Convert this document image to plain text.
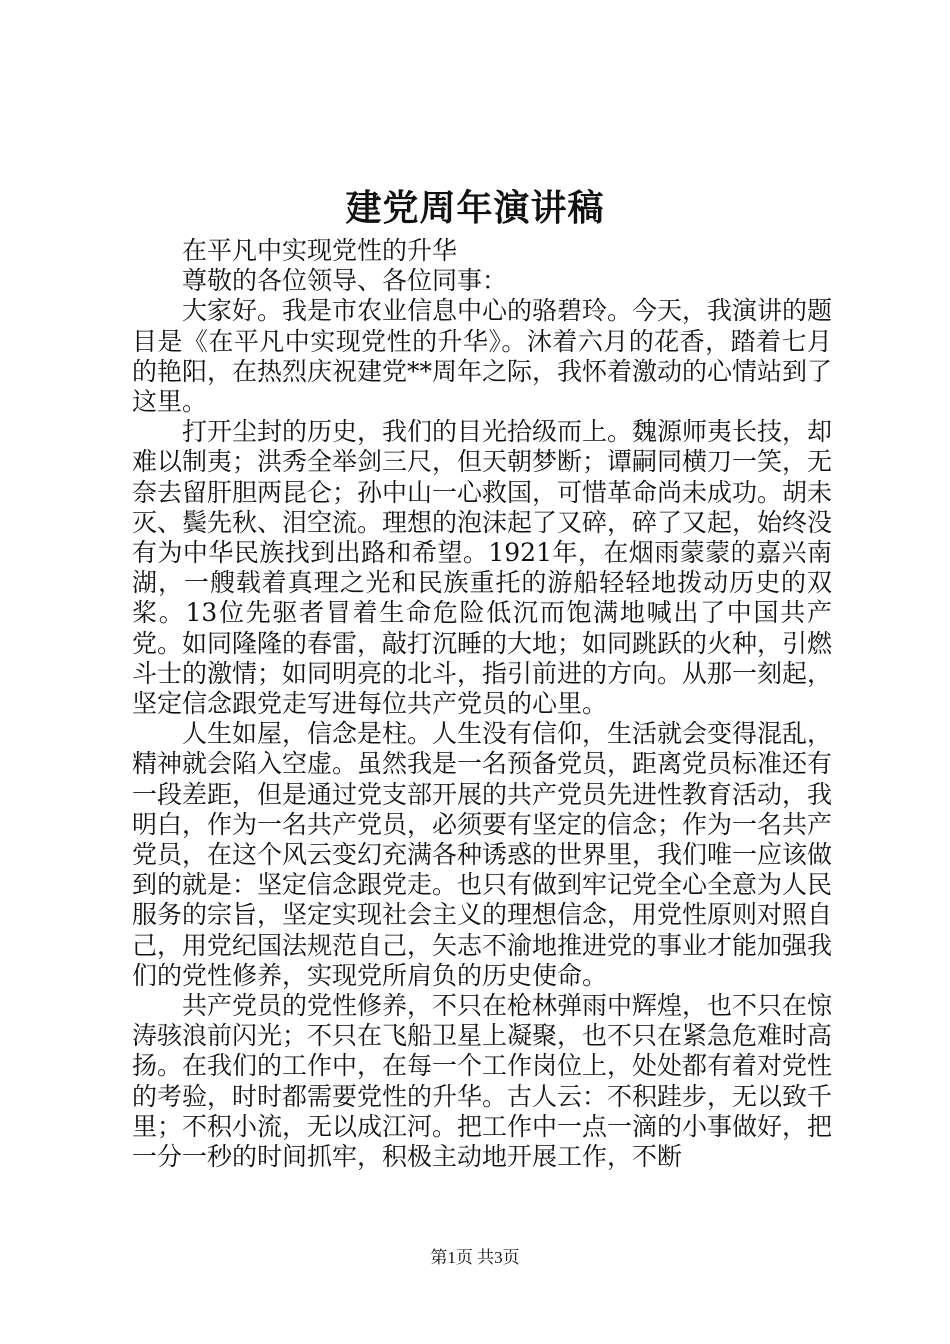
建党周年演讲稿

在平凡中实现党性的升华

尊敬的各位领导、各位同事：

大家好。我是市农业信息中心的骆碧玲。今天，我演讲的题目是《在平凡中实现党性的升华》。沐着六月的花香，踏着七月的艳阳，在热烈庆祝建党**周年之际，我怀着激动的心情站到了这里。

打开尘封的历史，我们的目光拾级而上。魏源师夷长技，却难以制夷；洪秀全举剑三尺，但天朝梦断；谭嗣同横刀一笑，无奈去留肝胆两昆仑；孙中山一心救国，可惜革命尚未成功。胡未灭、鬓先秋、泪空流。理想的泡沫起了又碎，碎了又起，始终没有为中华民族找到出路和希望。1921年，在烟雨蒙蒙的嘉兴南湖，一艘载着真理之光和民族重托的游船轻轻地拨动历史的双桨。13位先驱者冒着生命危险低沉而饱满地喊出了中国共产党。如同隆隆的春雷，敲打沉睡的大地；如同跳跃的火种，引燃斗士的激情；如同明亮的北斗，指引前进的方向。从那一刻起，坚定信念跟党走写进每位共产党员的心里。

人生如屋，信念是柱。人生没有信仰，生活就会变得混乱，精神就会陷入空虚。虽然我是一名预备党员，距离党员标准还有一段差距，但是通过党支部开展的共产党员先进性教育活动，我明白，作为一名共产党员，必须要有坚定的信念；作为一名共产党员，在这个风云变幻充满各种诱惑的世界里，我们唯一应该做到的就是：坚定信念跟党走。也只有做到牢记党全心全意为人民服务的宗旨，坚定实现社会主义的理想信念，用党性原则对照自己，用党纪国法规范自己，矢志不渝地推进党的事业才能加强我们的党性修养，实现党所肩负的历史使命。

共产党员的党性修养，不只在枪林弹雨中辉煌，也不只在惊涛骇浪前闪光；不只在飞船卫星上凝聚，也不只在紧急危难时高扬。在我们的工作中，在每一个工作岗位上，处处都有着对党性的考验，时时都需要党性的升华。古人云：不积跬步，无以致千里；不积小流，无以成江河。把工作中一点一滴的小事做好，把一分一秒的时间抓牢，积极主动地开展工作，不断

第1页 共3页
